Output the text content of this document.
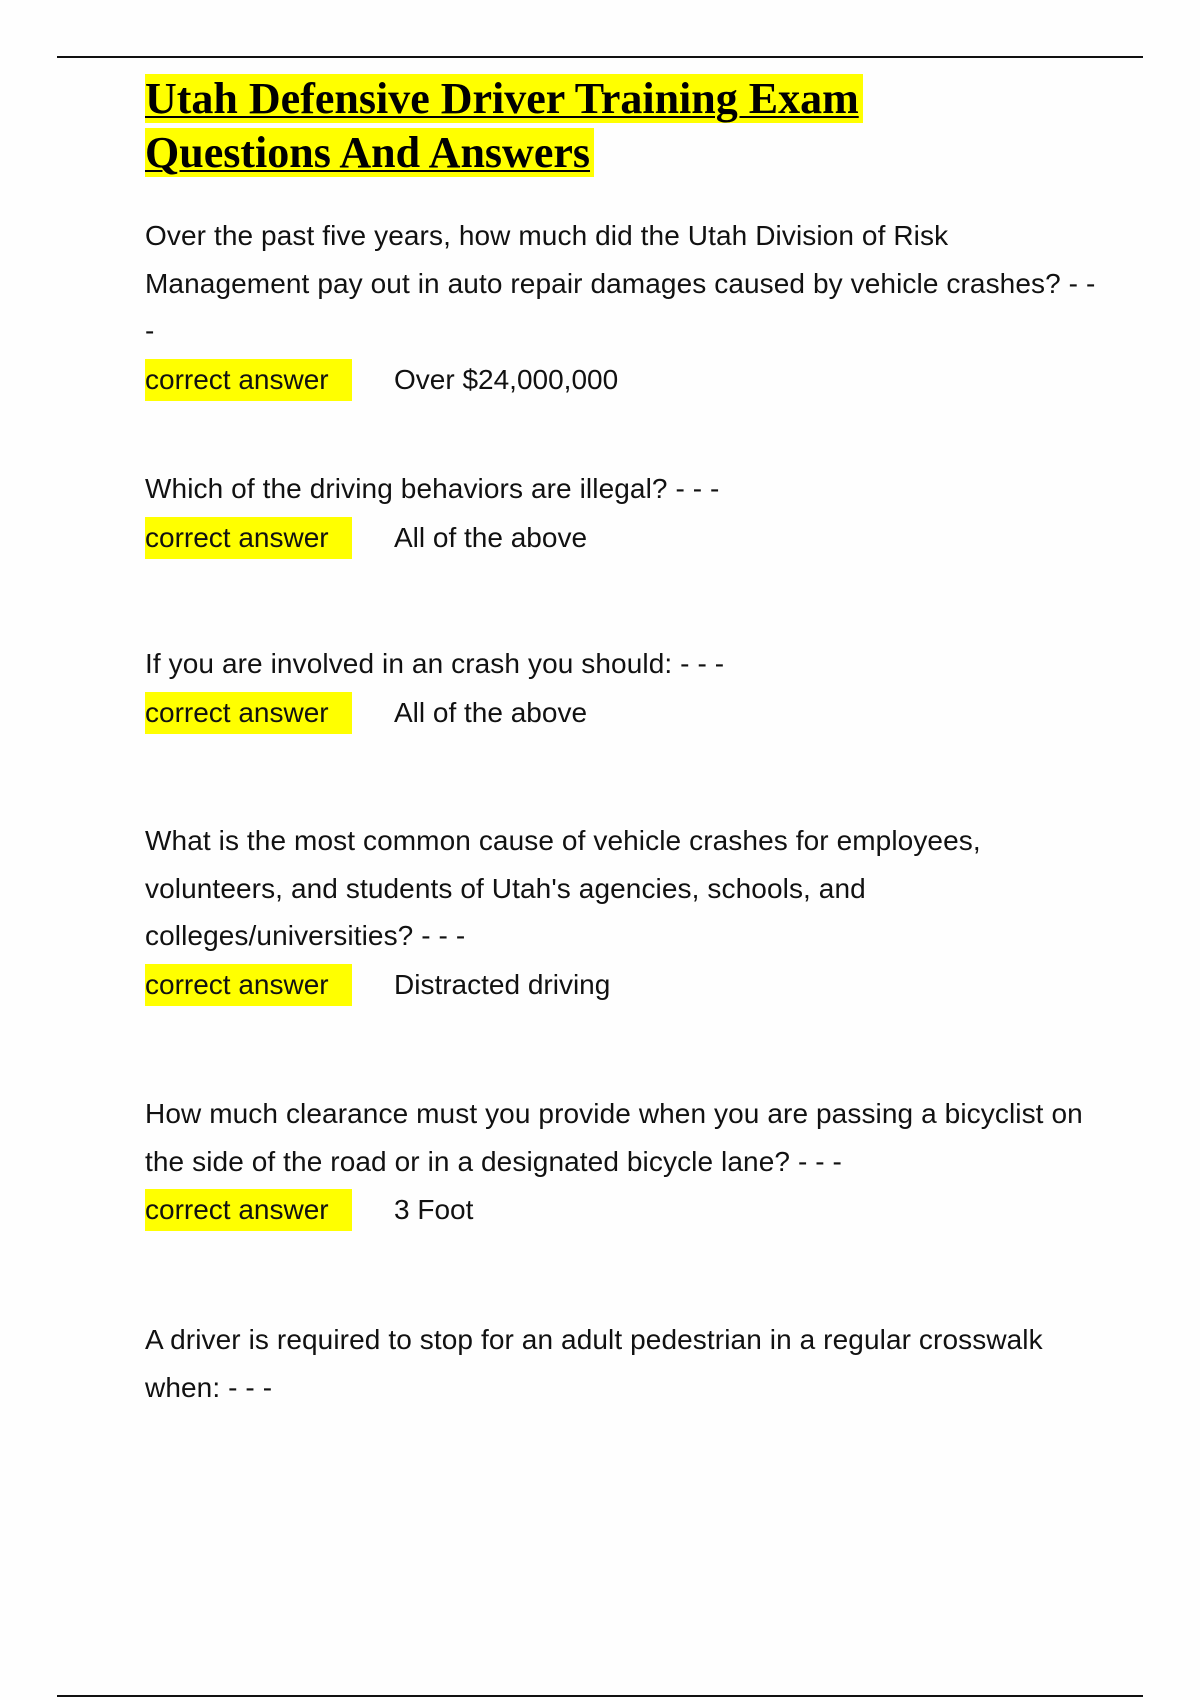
Utah Defensive Driver Training Exam
Questions And Answers

Over the past five years, how much did the Utah Division of Risk Management pay out in auto repair damages caused by vehicle crashes? - - -

correct answer	Over $24,000,000

Which of the driving behaviors are illegal? - - -

correct answer	All of the above

If you are involved in an crash you should: - - -

correct answer	All of the above

What is the most common cause of vehicle crashes for employees, volunteers, and students of Utah's agencies, schools, and colleges/universities? - - -

correct answer	Distracted driving

How much clearance must you provide when you are passing a bicyclist on the side of the road or in a designated bicycle lane? - - -

correct answer	3 Foot

A driver is required to stop for an adult pedestrian in a regular crosswalk when: - - -
